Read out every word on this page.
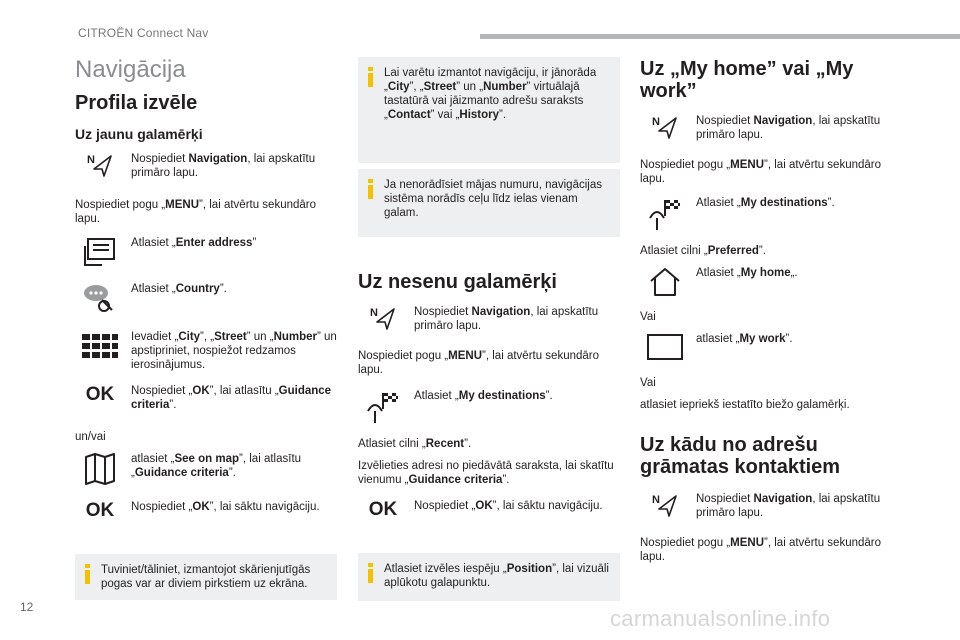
CITROËN Connect Nav
Navigācija
Profila izvēle
Uz jaunu galamērķi
N	Nospiediet Navigation, lai apskatītu primāro lapu.

Nospiediet pogu „MENU”, lai atvērtu sekundāro lapu.

Atlasiet „Enter address”

Atlasiet „Country”.

Ievadiet „City”, „Street” un „Number” un apstipriniet, nospiežot redzamos ierosinājumus.

OK Nospiediet „OK”, lai atlasītu „Guidance criteria”.

un/vai

atlasiet „See on map”, lai atlasītu „Guidance criteria”.

OK Nospiediet „OK”, lai sāktu navigāciju.

Tuviniet/tāliniet, izmantojot skārienjutīgās pogas var ar diviem pirkstiem uz ekrāna.

Lai varētu izmantot navigāciju, ir jānorāda „City”, „Street” un „Number” virtuālajā tastatūrā vai jāizmanto adrešu saraksts „Contact” vai „History”.

Ja nenorādīsiet mājas numuru, navigācijas sistēma norādīs ceļu līdz ielas vienam galam.

Uz nesenu galamērķi
N	Nospiediet Navigation, lai apskatītu primāro lapu.

Nospiediet pogu „MENU”, lai atvērtu sekundāro lapu.

Atlasiet „My destinations”.

Atlasiet cilni „Recent”.

Izvēlieties adresi no piedāvātā saraksta, lai skatītu vienumu „Guidance criteria”.

OK Nospiediet „OK”, lai sāktu navigāciju.

Atlasiet izvēles iespēju „Position”, lai vizuāli aplūkotu galapunktu.

Uz „My home” vai „My
work”
N	Nospiediet Navigation, lai apskatītu primāro lapu.

Nospiediet pogu „MENU”, lai atvērtu sekundāro lapu.

Atlasiet „My destinations”.

Atlasiet cilni „Preferred”.

Atlasiet „My home„.

Vai

atlasiet „My work”.

Vai

atlasiet iepriekš iestatīto biežo galamērķi.

Uz kādu no adrešu
grāmatas kontaktiem
N	Nospiediet Navigation, lai apskatītu primāro lapu.

Nospiediet pogu „MENU”, lai atvērtu sekundāro lapu.

12	carmanualsonline.info
